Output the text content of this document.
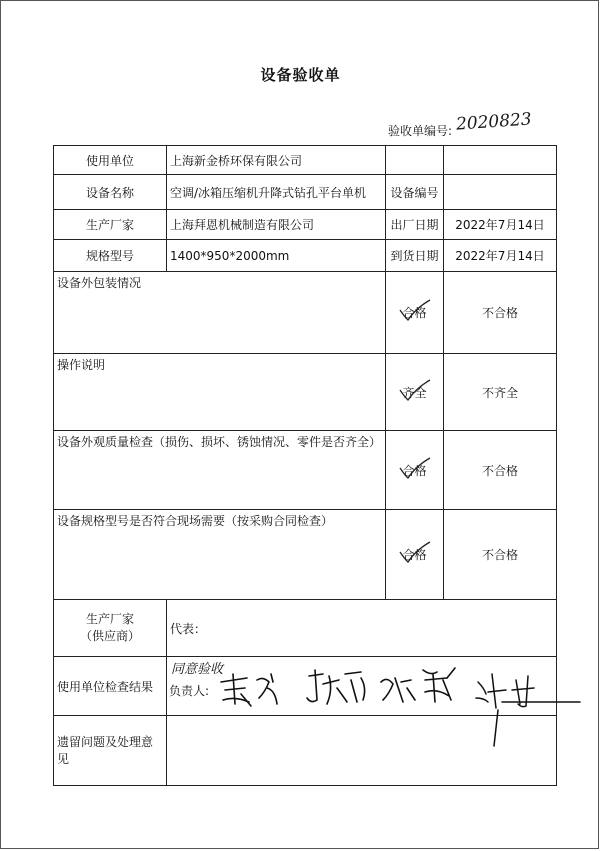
设备验收单
验收单编号: 2020823
使用单位	上海新金桥环保有限公司		
设备名称	空调/冰箱压缩机升降式钻孔平台单机	设备编号	
生产厂家	上海拜恩机械制造有限公司	出厂日期	2022年7月14日
规格型号	1400*950*2000mm	到货日期	2022年7月14日
设备外包装情况		合格	不合格
操作说明		齐全	不齐全
设备外观质量检查（损伤、损坏、锈蚀情况、零件是否齐全）		合格	不合格
设备规格型号是否符合现场需要（按采购合同检查）		合格	不合格

生产厂家
（供应商）	代表：		
使用单位检查结果	同意验收
负责人:		

遗留问题及处理意见			
